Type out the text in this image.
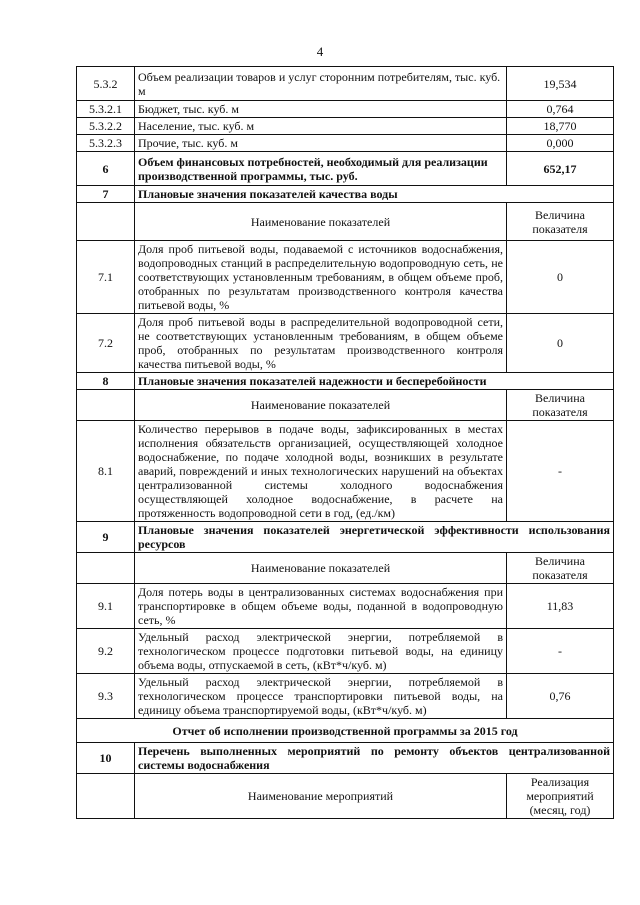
4
5.3.2	Объем реализации товаров и услуг сторонним потребителям, тыс. куб. м	19,534
5.3.2.1	Бюджет, тыс. куб. м	0,764
5.3.2.2	Население, тыс. куб. м	18,770
5.3.2.3	Прочие, тыс. куб. м	0,000
6	Объем финансовых потребностей, необходимый для реализации производственной программы, тыс. руб.	652,17
7	Плановые значения показателей качества воды	
	Наименование показателей	Величина показателя
7.1	Доля проб питьевой воды, подаваемой с источников водоснабжения, водопроводных станций в распределительную водопроводную сеть, не соответствующих установленным требованиям, в общем объеме проб, отобранных по результатам производственного контроля качества питьевой воды, %	0
7.2	Доля проб питьевой воды в распределительной водопроводной сети, не соответствующих установленным требованиям, в общем объеме проб, отобранных по результатам производственного контроля качества питьевой воды, %	0
8	Плановые значения показателей надежности и бесперебойности	
	Наименование показателей	Величина показателя
8.1	Количество перерывов в подаче воды, зафиксированных в местах исполнения обязательств организацией, осуществляющей холодное водоснабжение, по подаче холодной воды, возникших в результате аварий, повреждений и иных технологических нарушений на объектах централизованной системы холодного водоснабжения осуществляющей холодное водоснабжение, в расчете на протяженность водопроводной сети в год, (ед./км)	-
9	Плановые значения показателей энергетической эффективности использования ресурсов	
	Наименование показателей	Величина показателя
9.1	Доля потерь воды в централизованных системах водоснабжения при транспортировке в общем объеме воды, поданной в водопроводную сеть, %	11,83
9.2	Удельный расход электрической энергии, потребляемой в технологическом процессе подготовки питьевой воды, на единицу объема воды, отпускаемой в сеть, (кВт*ч/куб. м)	-
9.3	Удельный расход электрической энергии, потребляемой в технологическом процессе транспортировки питьевой воды, на единицу объема транспортируемой воды, (кВт*ч/куб. м)	0,76
Отчет об исполнении производственной программы за 2015 год		
10	Перечень выполненных мероприятий по ремонту объектов централизованной системы водоснабжения	
	Наименование мероприятий	Реализация мероприятий (месяц, год)
